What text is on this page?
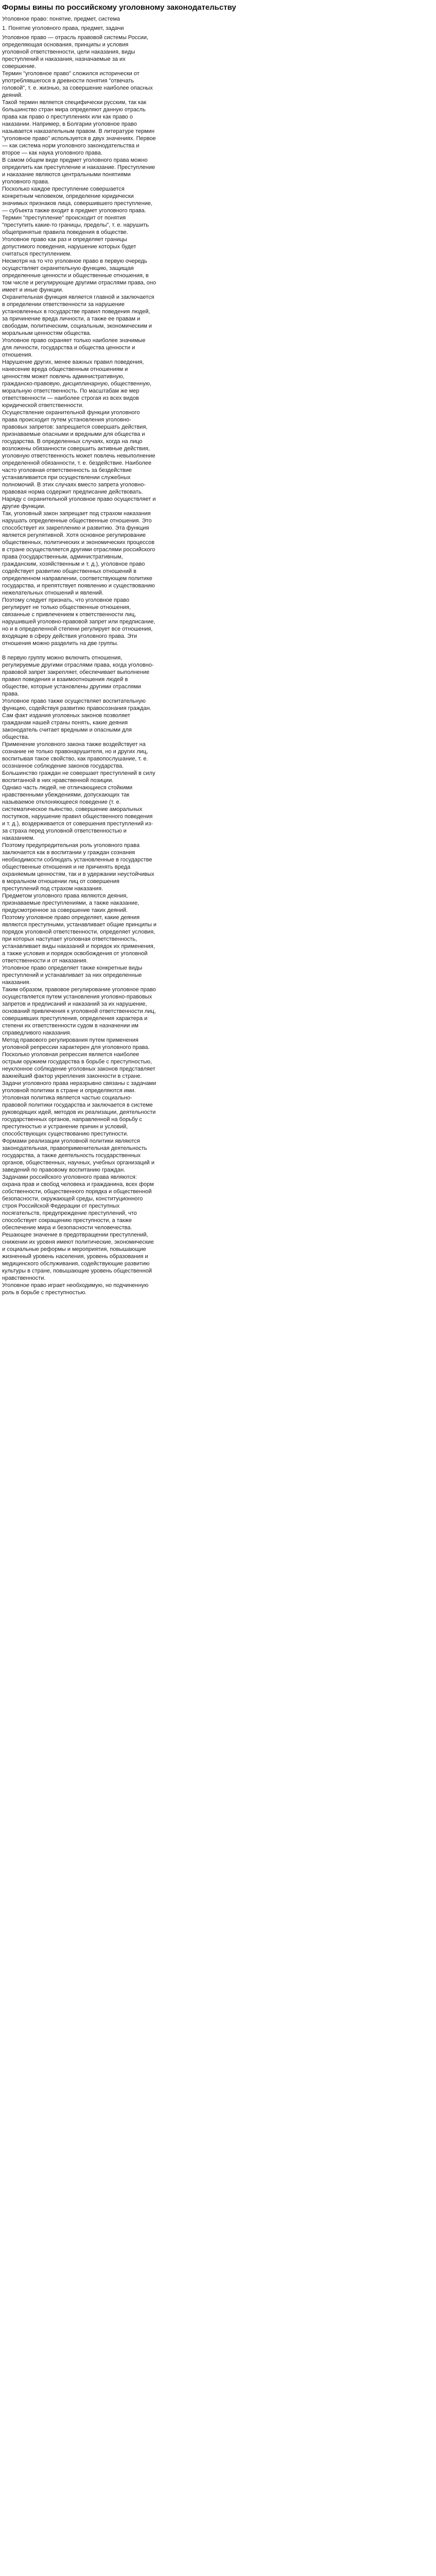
Формы вины по российскому уголовному законодательству
Уголовное право: понятие, предмет, система

1. Понятие уголовного права, предмет, задачи

Уголовное право — отрасль правовой системы России, определяющая основания, принципы и условия уголовной ответственности, цели наказания, виды преступлений и наказания, назначаемые за их совершение.
Термин "уголовное право" сложился исторически от употреблявшегося в древности понятия "отвечать головой", т. е. жизнью, за совершение наиболее опасных деяний.
Такой термин является специфически русским, так как большинство стран мира определяют данную отрасль права как право о преступлениях или как право о наказании. Например, в Болгарии уголовное право называется наказательным правом. В литературе термин "уголовное право" используется в двух значениях. Первое — как система норм уголовного законодательства и второе — как наука уголовного права.
В самом общем виде предмет уголовного права можно определить как преступление и наказание. Преступление и наказание являются центральными понятиями уголовного права.
Посколько каждое преступление совершается конкретным человеком, определение юридически значимых признаков лица, совершившего преступление, — субъекта также входит в предмет уголовного права.
Термин "преступление" происходит от понятия "преступить какие-то границы, пределы", т. е. нарушить общепринятые правила поведения в обществе. Уголовное право как раз и определяет границы допустимого поведения, нарушение которых будет считаться преступлением.
Несмотря на то что уголовное право в первую очередь осуществляет охранительную функцию, защищая определенные ценности и общественные отношения, в том числе и регулирующие другими отраслями права, оно имеет и иные функции.

Охранительная функция является главной и заключается в определении ответственности за нарушение установленных в государстве правил поведения людей, за причинение вреда личности, а также ее правам и свободам, политическим, социальным, экономическим и моральным ценностям общества.
Уголовное право охраняет только наиболее значимые для личности, государства и общества ценности и отношения.
Нарушение других, менее важных правил поведения, нанесение вреда общественным отношениям и ценностям может повлечь административную, гражданско-правовую, дисциплинарную, общественную, моральную ответственность. По масштабам же мер ответственности — наиболее строгая из всех видов юридической ответственности.
Осуществление охранительной функции уголовного права происходит путем установления уголовно-правовых запретов: запрещается совершать действия, признаваемые опасными и вредными для общества и государства. В определенных случаях, когда на лицо возложены обязанности совершить активные действия, уголовную ответственность может повлечь невыполнение определенной обязанности, т. е. бездействие. Наиболее часто уголовная ответственность за бездействие устанавливается при осуществлении служебных полномочий. В этих случаях вместо запрета уголовно-правовая норма содержит предписание действовать.
Наряду с охранительной уголовное право осуществляет и другие функции.
Так, уголовный закон запрещает под страхом наказания нарушать определенные общественные отношения. Это способствует их закреплению и развитию. Эта функция является регулятивной. Хотя основное регулирование общественных, политических и экономических процессов в стране осуществляется другими отраслями российского права (государственным, административным, гражданским, хозяйственным и т. д.), уголовное право содействует развитию общественных отношений в определенном направлении, соответствующем политике государства, и препятствует появлению и существованию нежелательных отношений и явлений.
Поэтому следует признать, что уголовное право регулирует не только общественные отношения, связанные с привлечением к ответственности лиц, нарушившей уголовно-правовой запрет или предписание, но и в определенной степени регулирует все отношения, входящие в сферу действия уголовного права. Эти отношения можно разделить на две группы.

В первую группу можно включить отношения, регулируемые другими отраслями права, когда уголовно-правовой запрет закрепляет, обеспечивает выполнение правил поведения и взаимоотношения людей в обществе, которые установлены другими отраслями права.
Уголовное право также осуществляет воспитательную функцию, содействуя развитию правосознания граждан.
Сам факт издания уголовных законов позволяет гражданам нашей страны понять, какие деяния законодатель считает вредными и опасными для общества.
Применение уголовного закона также воздействует на сознание не только правонарушителя, но и других лиц, воспитывая такое свойство, как правопослушание, т. е. осознанное соблюдение законов государства.
Большинство граждан не совершает преступлений в силу воспитанной в них нравственной позиции.
Однако часть людей, не отличающиеся стойкими нравственными убеждениями, допускающих так называемое отклоняющееся поведение (т. е. систематическое пьянство, совершение аморальных поступков, нарушение правил общественного поведения и т. д.), воздерживается от совершения преступлений из-за страха перед уголовной ответственностью и наказанием.
Поэтому предупредительная роль уголовного права заключается как в воспитании у граждан сознания необходимости соблюдать установленные в государстве общественные отношения и не причинять вреда охраняемым ценностям, так и в удержании неустойчивых в моральном отношении лиц от совершения преступлений под страхом наказания.
Предметом уголовного права являются деяния, признаваемые преступлениями, а также наказание, предусмотренное за совершение таких деяний.
Поэтому уголовное право определяет, какие деяния являются преступными, устанавливает общие принципы и порядок уголовной ответственности, определяет условия, при которых наступает уголовная ответственность, устанавливает виды наказаний и порядок их применения, а также условия и порядок освобождения от уголовной ответственности и от наказания.
Уголовное право определяет также конкретные виды преступлений и устанавливает за них определенные наказания.
Таким образом, правовое регулирование уголовное право осуществляется путем установления уголовно-правовых запретов и предписаний и наказаний за их нарушение, оснований привлечения к уголовной ответственности лиц, совершивших преступления, определения характера и степени их ответственности судом в назначении им справедливого наказания.
Метод правового регулирования путем применения уголовной репрессии характерен для уголовного права.
Посколько уголовная репрессия является наиболее острым оружием государства в борьбе с преступностью, неуклонное соблюдение уголовных законов представляет важнейший фактор укрепления законности в стране.
Задачи уголовного права неразрывно связаны с задачами уголовной политики в стране и определяются ими. Уголовная политика является частью социально-правовой политики государства и заключается в системе руководящих идей, методов их реализации, деятельности государственных органов, направленной на борьбу с преступностью и устранение причин и условий, способствующих существованию преступности.
Формами реализации уголовной политики являются законодательная, правоприменительная деятельность государства, а также деятельность государственных органов, общественных, научных, учебных организаций и заведений по правовому воспитанию граждан.
Задачами российского уголовного права являются: охрана прав и свобод человека и гражданина, всех форм собственности, общественного порядка и общественной безопасности, окружающей среды, конституционного строя Российской Федерации от преступных посягательств, предупреждение преступлений, что способствует сокращению преступности, а также обеспечение мира и безопасности человечества.
Решающее значение в предотвращении преступлений, снижении их уровня имеют политические, экономические и социальные реформы и мероприятия, повышающие жизненный уровень населения, уровень образования и медицинского обслуживания, содействующие развитию культуры в стране, повышающие уровень общественной нравственности.
Уголовное право играет необходимую, но подчиненную роль в борьбе с преступностью.
